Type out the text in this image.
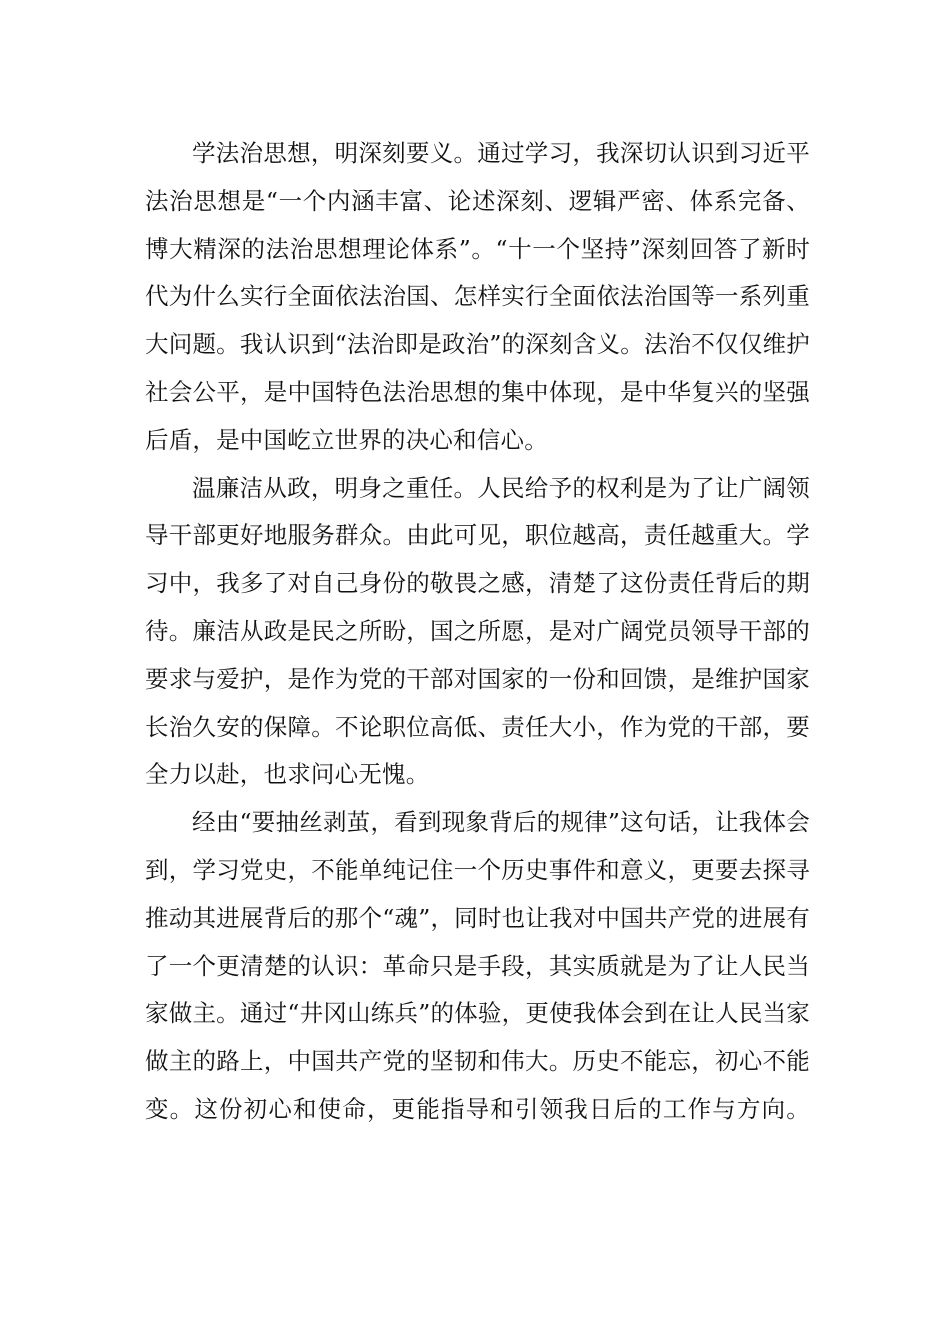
学法治思想，明深刻要义。通过学习，我深切认识到习近平法治思想是“一个内涵丰富、论述深刻、逻辑严密、体系完备、博大精深的法治思想理论体系”。“十一个坚持”深刻回答了新时代为什么实行全面依法治国、怎样实行全面依法治国等一系列重大问题。我认识到“法治即是政治”的深刻含义。法治不仅仅维护社会公平，是中国特色法治思想的集中体现，是中华复兴的坚强后盾，是中国屹立世界的决心和信心。

温廉洁从政，明身之重任。人民给予的权利是为了让广阔领导干部更好地服务群众。由此可见，职位越高，责任越重大。学习中，我多了对自己身份的敬畏之感，清楚了这份责任背后的期待。廉洁从政是民之所盼，国之所愿，是对广阔党员领导干部的要求与爱护，是作为党的干部对国家的一份和回馈，是维护国家长治久安的保障。不论职位高低、责任大小，作为党的干部，要全力以赴，也求问心无愧。

经由“要抽丝剥茧，看到现象背后的规律”这句话，让我体会到，学习党史，不能单纯记住一个历史事件和意义，更要去探寻推动其进展背后的那个“魂”，同时也让我对中国共产党的进展有了一个更清楚的认识：革命只是手段，其实质就是为了让人民当家做主。通过“井冈山练兵”的体验，更使我体会到在让人民当家做主的路上，中国共产党的坚韧和伟大。历史不能忘，初心不能变。这份初心和使命，更能指导和引领我日后的工作与方向。
